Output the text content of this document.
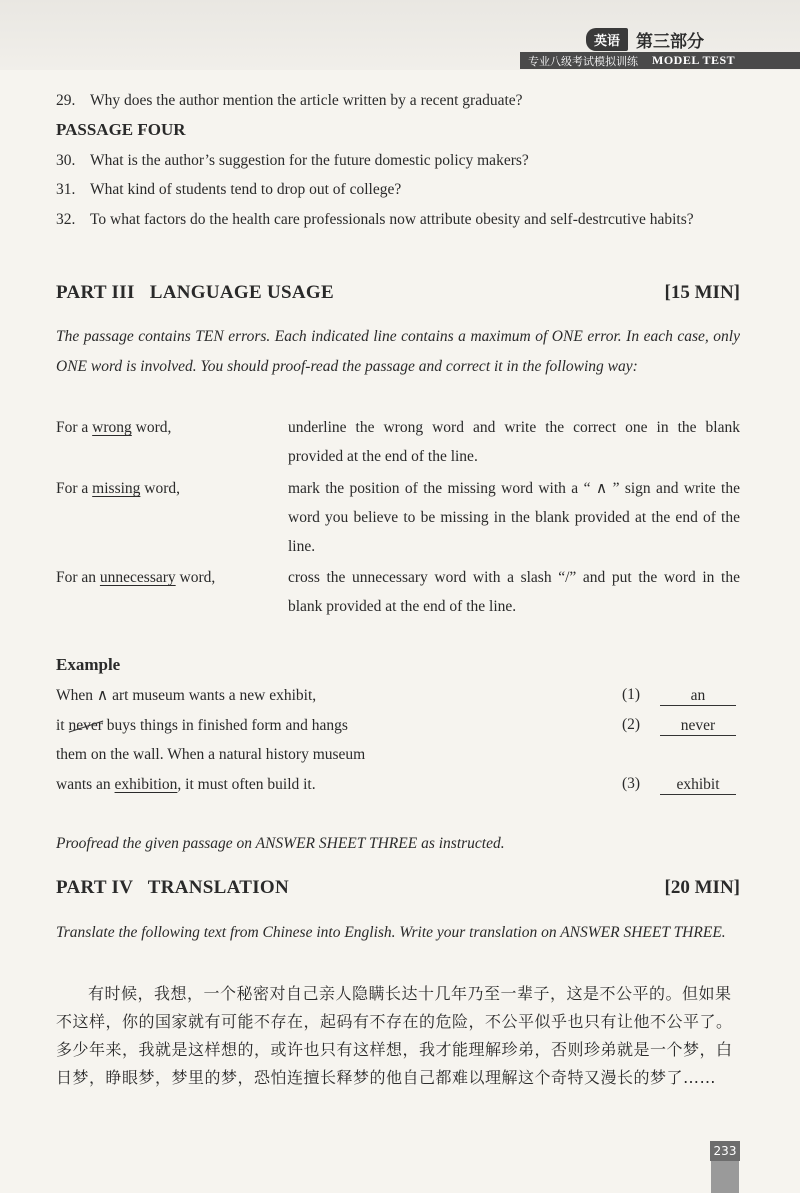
英语 第三部分
专业八级考试模拟训练 MODEL TEST
29. Why does the author mention the article written by a recent graduate?
PASSAGE FOUR
30. What is the author’s suggestion for the future domestic policy makers?
31. What kind of students tend to drop out of college?
32. To what factors do the health care professionals now attribute obesity and self-destrcutive habits?
PART III   LANGUAGE USAGE	[15 MIN]
The passage contains TEN errors. Each indicated line contains a maximum of ONE error. In each case, only ONE word is involved. You should proof-read the passage and correct it in the following way:
For a wrong word,	underline the wrong word and write the correct one in the blank provided at the end of the line.
For a missing word,	mark the position of the missing word with a “ ∧ ” sign and write the word you believe to be missing in the blank provided at the end of the line.
For an unnecessary word,	cross the unnecessary word with a slash “/” and put the word in the blank provided at the end of the line.
Example
When ∧ art museum wants a new exhibit,	(1)	an
it never buys things in finished form and hangs	(2)	never
them on the wall. When a natural history museum
wants an exhibition, it must often build it.	(3)	exhibit
Proofread the given passage on ANSWER SHEET THREE as instructed.
PART IV   TRANSLATION	[20 MIN]
Translate the following text from Chinese into English. Write your translation on ANSWER SHEET THREE.
有时候，我想，一个秘密对自己亲人隐瞒长达十几年乃至一辈子，这是不公平的。但如果不这样，你的国家就有可能不存在，起码有不存在的危险，不公平似乎也只有让他不公平了。多少年来，我就是这样想的，或许也只有这样想，我才能理解珍弟，否则珍弟就是一个梦，白日梦，睁眼梦，梦里的梦，恐怕连擅长释梦的他自己都难以理解这个奇特又漫长的梦了……
233
